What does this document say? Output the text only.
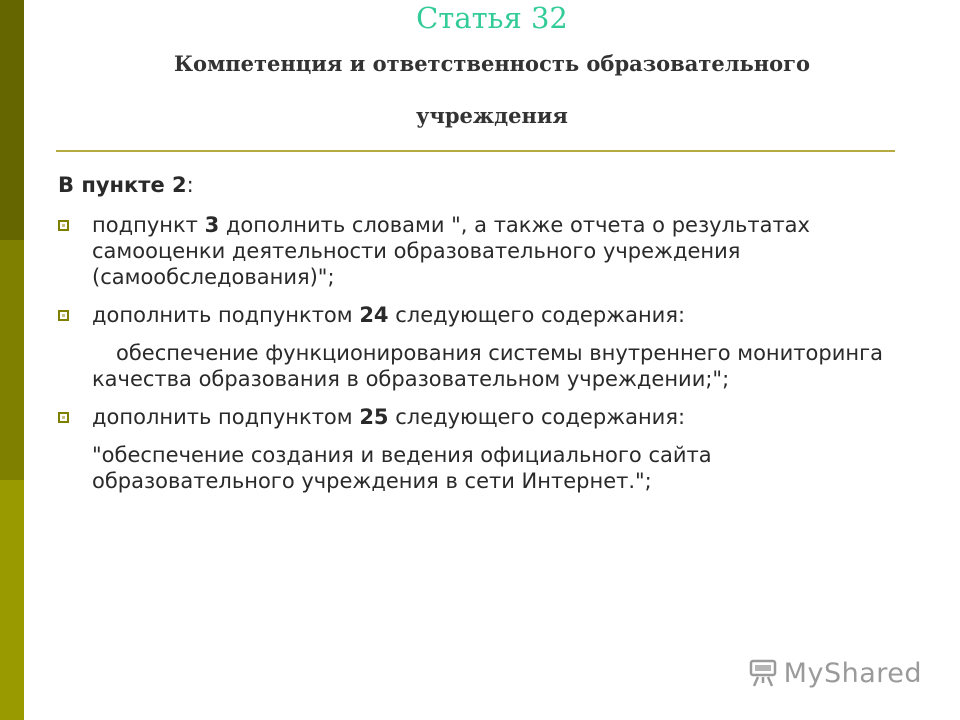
Статья 32
Компетенция и ответственность образовательного
учреждения
В пункте 2:
подпункт 3 дополнить словами ", а также отчета о результатах самооценки деятельности образовательного учреждения (самообследования)";
дополнить подпунктом 24 следующего содержания:
обеспечение функционирования системы внутреннего мониторинга качества образования в образовательном учреждении;";
дополнить подпунктом 25 следующего содержания:
"обеспечение создания и ведения официального сайта образовательного учреждения в сети Интернет.";
MyShared
